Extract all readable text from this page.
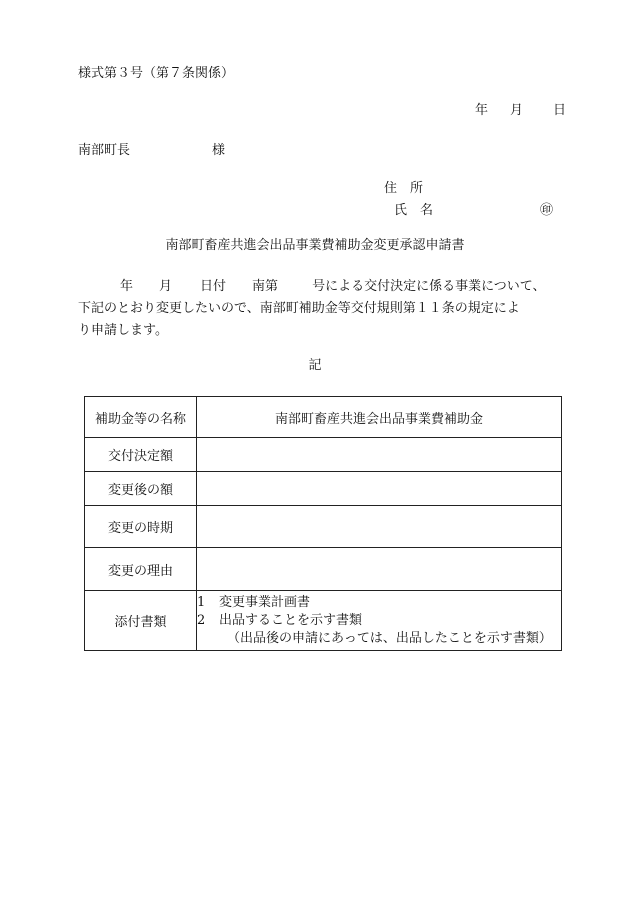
様式第３号（第７条関係）
年 月 日
南部町長	様
住　所
氏　名	㊞
南部町畜産共進会出品事業費補助金変更承認申請書
年 月 日付 南第	号による交付決定に係る事業について、
下記のとおり変更したいので、南部町補助金等交付規則第１１条の規定によ
り申請します。
記
補助金等の名称	南部町畜産共進会出品事業費補助金
交付決定額	
変更後の額	
変更の時期	
変更の理由	
添付書類	1 変更事業計画書
2 出品することを示す書類
（出品後の申請にあっては、出品したことを示す書類）
